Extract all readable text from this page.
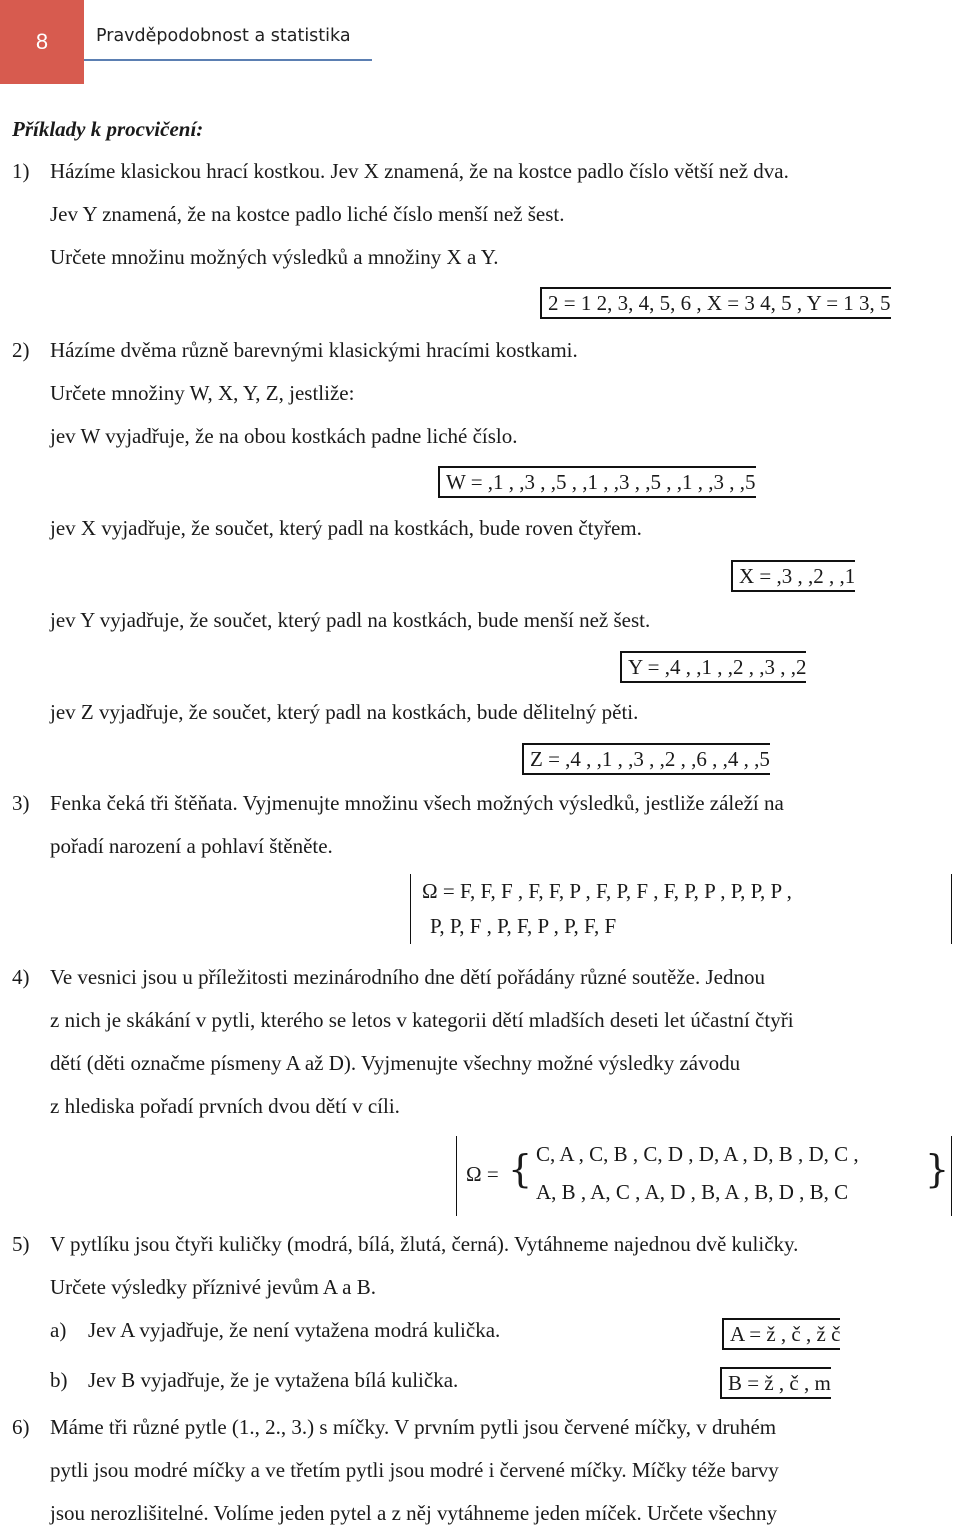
8	Pravděpodobnost a statistika
Příklady k procvičení:
1) Házíme klasickou hrací kostkou. Jev X znamená, že na kostce padlo číslo větší než dva.
Jev Y znamená, že na kostce padlo liché číslo menší než šest.
Určete množinu možných výsledků a množiny X a Y.
2 = 1 2, 3, 4, 5, 6 , X = 3 4, 5 , Y = 1 3, 5
2) Házíme dvěma různě barevnými klasickými hracími kostkami.
Určete množiny W, X, Y, Z, jestliže:
jev W vyjadřuje, že na obou kostkách padne liché číslo.
W = ,1 , ,3 , ,5 , ,1 , ,3 , ,5 , ,1 , ,3 , ,5
jev X vyjadřuje, že součet, který padl na kostkách, bude roven čtyřem.
X = ,3 , ,2 , ,1
jev Y vyjadřuje, že součet, který padl na kostkách, bude menší než šest.
Y = ,4 , ,1 , ,2 , ,3 , ,2
jev Z vyjadřuje, že součet, který padl na kostkách, bude dělitelný pěti.
Z = ,4 , ,1 , ,3 , ,2 , ,6 , ,4 , ,5
3) Fenka čeká tři štěňata. Vyjmenujte množinu všech možných výsledků, jestliže záleží na
pořadí narození a pohlaví štěněte.
Ω = F, F, F , F, F, P , F, P, F , F, P, P , P, P, P ,
P, P, F , P, F, P , P, F, F
4) Ve vesnici jsou u příležitosti mezinárodního dne dětí pořádány různé soutěže. Jednou
z nich je skákání v pytli, kterého se letos v kategorii dětí mladších deseti let účastní čtyři
dětí (děti označme písmeny A až D). Vyjmenujte všechny možné výsledky závodu
z hlediska pořadí prvních dvou dětí v cíli.
Ω = { C, A , C, B , C, D , D, A , D, B , D, C ,
A, B , A, C , A, D , B, A , B, D , B, C
}
5) V pytlíku jsou čtyři kuličky (modrá, bílá, žlutá, černá). Vytáhneme najednou dvě kuličky.
Určete výsledky příznivé jevům A a B.
a) Jev A vyjadřuje, že není vytažena modrá kulička.	A = ž , č , ž č
b) Jev B vyjadřuje, že je vytažena bílá kulička.	B = ž , č , m
6) Máme tři různé pytle (1., 2., 3.) s míčky. V prvním pytli jsou červené míčky, v druhém
pytli jsou modré míčky a ve třetím pytli jsou modré i červené míčky. Míčky téže barvy
jsou nerozlišitelné. Volíme jeden pytel a z něj vytáhneme jeden míček. Určete všechny
